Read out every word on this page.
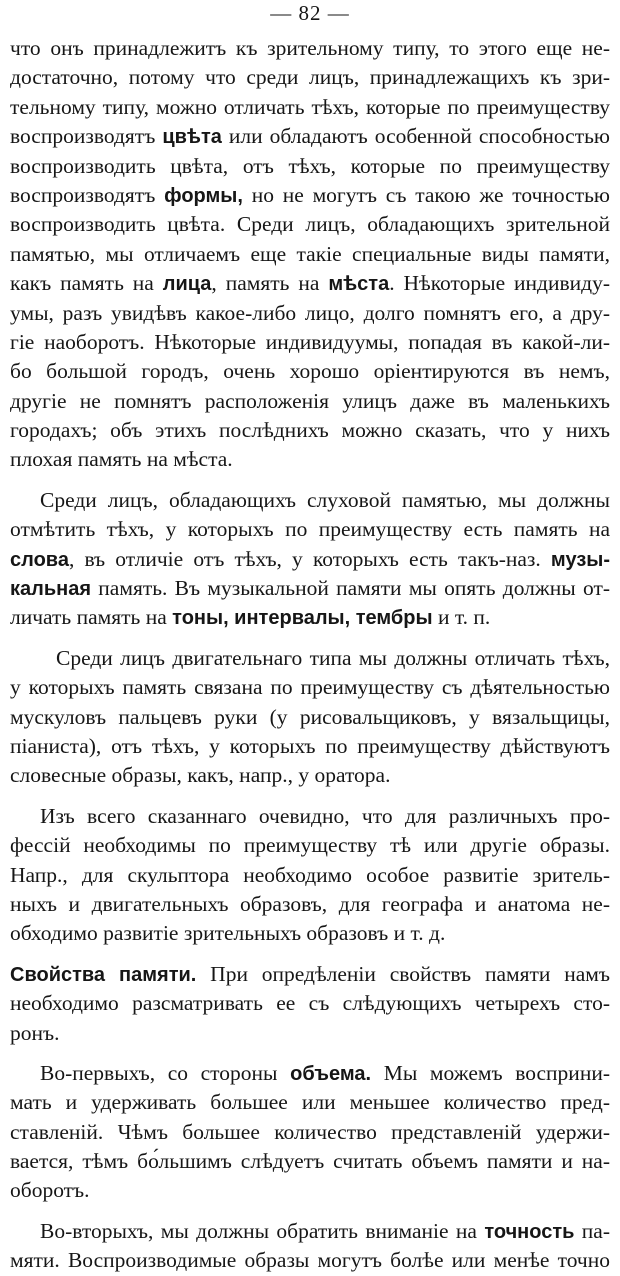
— 82 —
что онъ принадлежитъ къ зрительному типу, то этого еще не-
достаточно, потому что среди лицъ, принадлежащихъ къ зри-
тельному типу, можно отличать тѣхъ, которые по преимуществу
воспроизводятъ цвѣта или обладаютъ особенной способностью
воспроизводить цвѣта, отъ тѣхъ, которые по преимуществу
воспроизводятъ формы, но не могутъ съ такою же точностью
воспроизводить цвѣта. Среди лицъ, обладающихъ зрительной
памятью, мы отличаемъ еще такіе специальные виды памяти,
какъ память на лица, память на мѣста. Нѣкоторые индивиду-
умы, разъ увидѣвъ какое-либо лицо, долго помнятъ его, а дру-
гіе наоборотъ. Нѣкоторые индивидуумы, попадая въ какой-ли-
бо большой городъ, очень хорошо оріентируются въ немъ,
другіе не помнятъ расположенія улицъ даже въ маленькихъ
городахъ; объ этихъ послѣднихъ можно сказать, что у нихъ
плохая память на мѣста.
Среди лицъ, обладающихъ слуховой памятью, мы должны
отмѣтить тѣхъ, у которыхъ по преимуществу есть память на
слова, въ отличіе отъ тѣхъ, у которыхъ есть такъ-наз. музы-
кальная память. Въ музыкальной памяти мы опять должны от-
личать память на тоны, интервалы, тембры и т. п.
Среди лицъ двигательнаго типа мы должны отличать тѣхъ,
у которыхъ память связана по преимуществу съ дѣятельностью
мускуловъ пальцевъ руки (у рисовальщиковъ, у вязальщицы,
піаниста), отъ тѣхъ, у которыхъ по преимуществу дѣйствуютъ
словесные образы, какъ, напр., у оратора.
Изъ всего сказаннаго очевидно, что для различныхъ про-
фессій необходимы по преимуществу тѣ или другіе образы.
Напр., для скульптора необходимо особое развитіе зритель-
ныхъ и двигательныхъ образовъ, для географа и анатома не-
обходимо развитіе зрительныхъ образовъ и т. д.
Свойства памяти. При опредѣленіи свойствъ памяти намъ
необходимо разсматривать ее съ слѣдующихъ четырехъ сто-
ронъ.
Во-первыхъ, со стороны объема. Мы можемъ восприни-
мать и удерживать большее или меньшее количество пред-
ставленій. Чѣмъ большее количество представленій удержи-
вается, тѣмъ бо́льшимъ слѣдуетъ считать объемъ памяти и на-
оборотъ.
Во-вторыхъ, мы должны обратить вниманіе на точность па-
мяти. Воспроизводимые образы могутъ болѣе или менѣе точно
